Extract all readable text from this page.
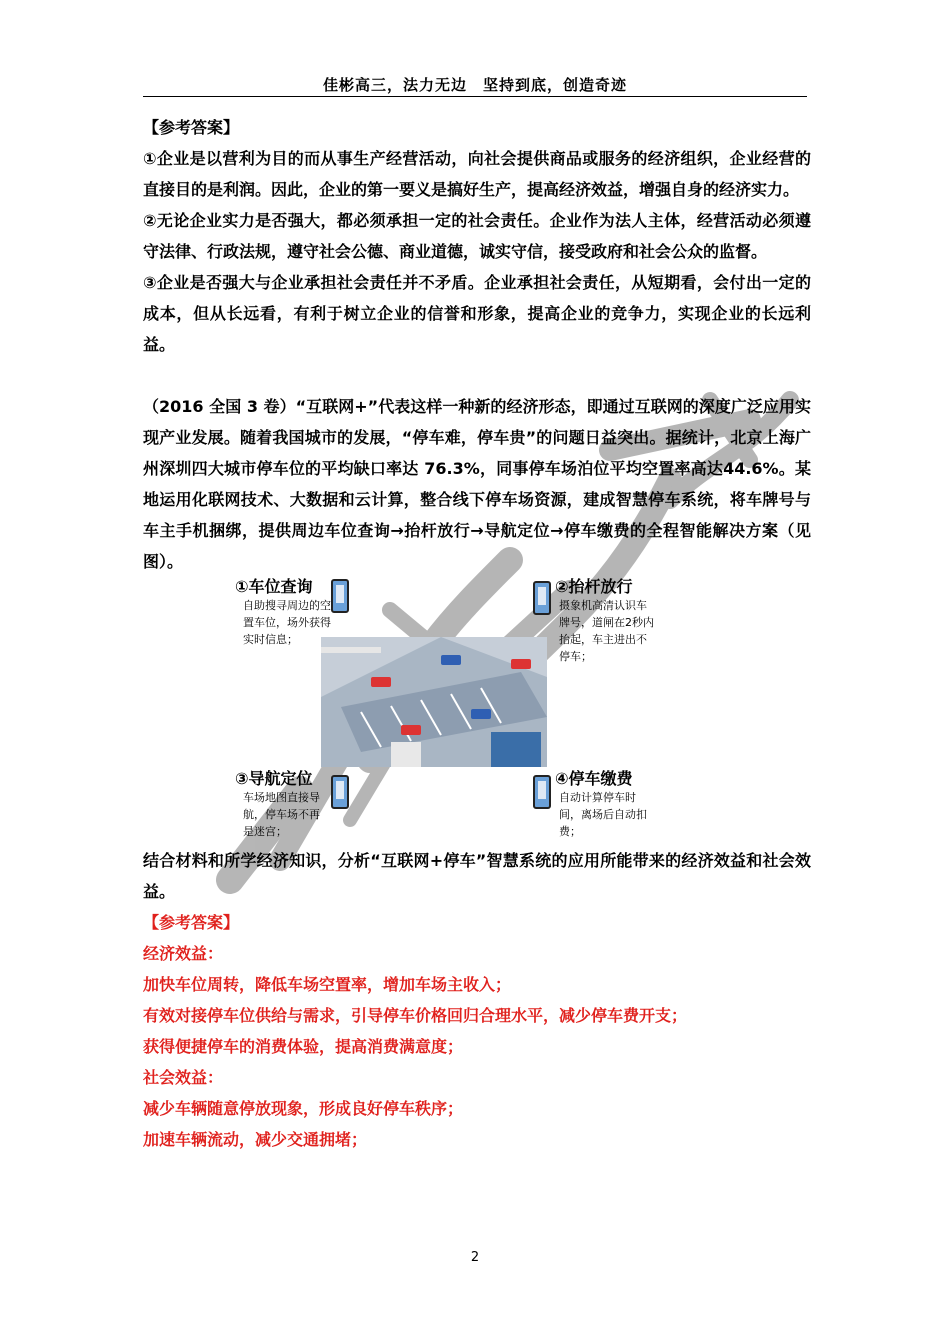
佳彬高三，法力无边　坚持到底，创造奇迹

【参考答案】

①企业是以营利为目的而从事生产经营活动，向社会提供商品或服务的经济组织，企业经营的直接目的是利润。因此，企业的第一要义是搞好生产，提高经济效益，增强自身的经济实力。

②无论企业实力是否强大，都必须承担一定的社会责任。企业作为法人主体，经营活动必须遵守法律、行政法规，遵守社会公德、商业道德，诚实守信，接受政府和社会公众的监督。

③企业是否强大与企业承担社会责任并不矛盾。企业承担社会责任，从短期看，会付出一定的成本，但从长远看，有利于树立企业的信誉和形象，提高企业的竞争力，实现企业的长远利益。

（2016 全国 3 卷）“互联网+”代表这样一种新的经济形态，即通过互联网的深度广泛应用实现产业发展。随着我国城市的发展，“停车难，停车贵”的问题日益突出。据统计，北京上海广州深圳四大城市停车位的平均缺口率达 76.3%，同事停车场泊位平均空置率高达44.6%。某地运用化联网技术、大数据和云计算，整合线下停车场资源，建成智慧停车系统，将车牌号与车主手机捆绑，提供周边车位查询→抬杆放行→导航定位→停车缴费的全程智能解决方案（见图）。

①车位查询
自助搜寻周边的空置车位，场外获得实时信息；
②抬杆放行
摄象机高清认识车牌号，道闸在2秒内抬起，车主进出不停车；
③导航定位
车场地图直接导航，停车场不再是迷宫；
④停车缴费
自动计算停车时间，离场后自动扣费；

结合材料和所学经济知识，分析“互联网+停车”智慧系统的应用所能带来的经济效益和社会效益。

【参考答案】

经济效益：

加快车位周转，降低车场空置率，增加车场主收入；

有效对接停车位供给与需求，引导停车价格回归合理水平，减少停车费开支；

获得便捷停车的消费体验，提高消费满意度；

社会效益：

减少车辆随意停放现象，形成良好停车秩序；

加速车辆流动，减少交通拥堵；

2
